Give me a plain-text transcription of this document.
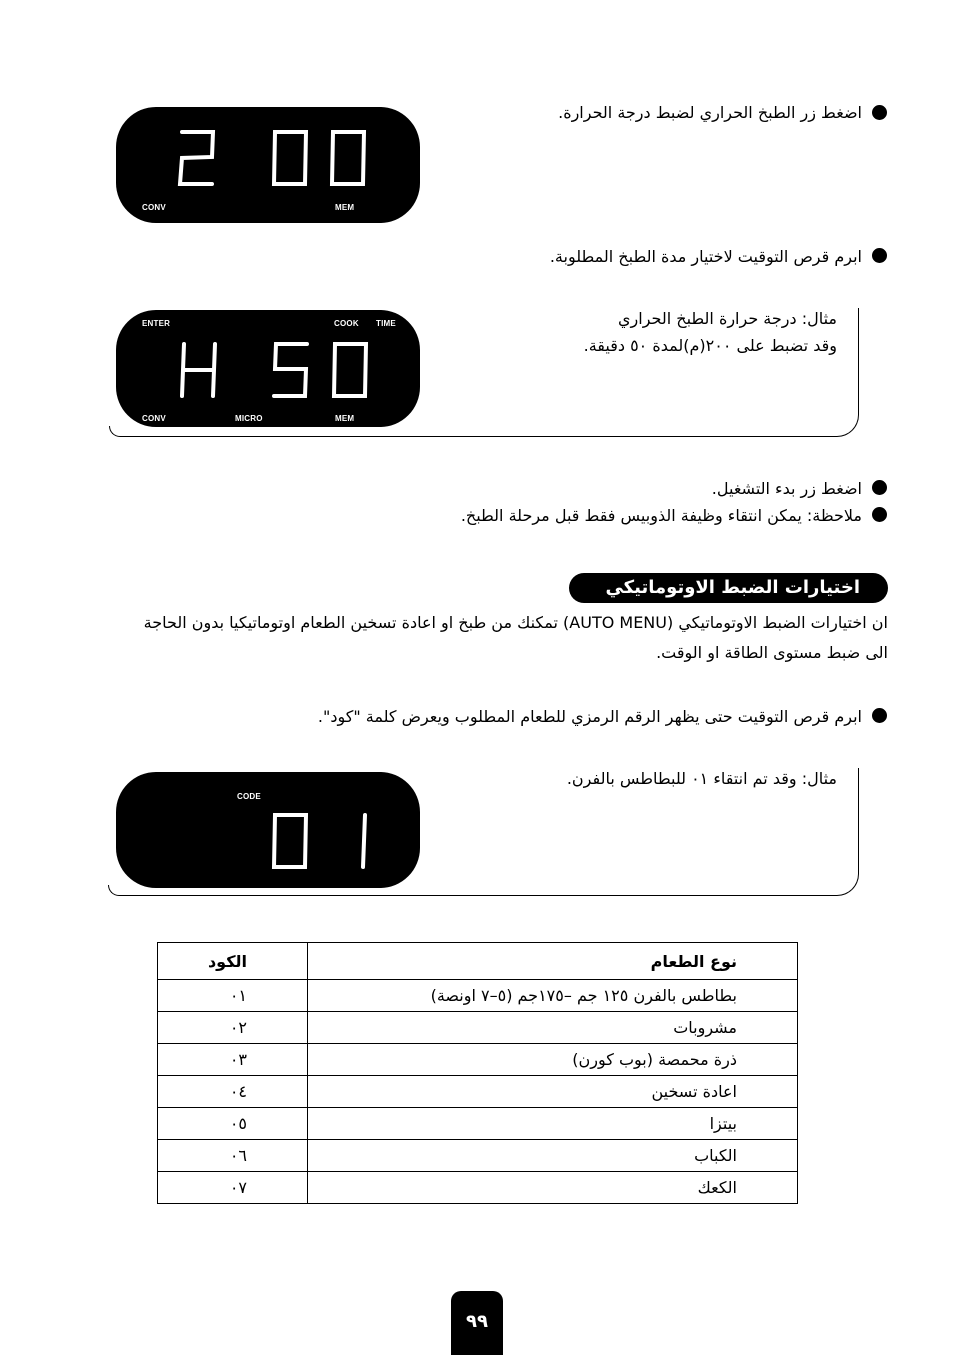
اضغط زر الطبخ الحراري لضبط درجة الحرارة.
CONV	MEM
ابرم قرص التوقيت لاختيار مدة الطبخ المطلوبة.
مثال: درجة حرارة الطبخ الحراري
وقد تضبط على ٢٠٠(م)لمدة ٥٠ دقيقة.
ENTER	COOK TIME
CONV	MICRO	MEM
اضغط زر بدء التشغيل.
ملاحظة: يمكن انتقاء وظيفة الذوبيس فقط قبل مرحلة الطبخ.
اختيارات الضبط الاوتوماتيكي
ان اختيارات الضبط الاوتوماتيكي (AUTO MENU) تمكنك من طبخ او اعادة تسخين الطعام اوتوماتيكيا بدون الحاجة
الى ضبط مستوى الطاقة او الوقت.
ابرم قرص التوقيت حتى يظهر الرقم الرمزي للطعام المطلوب ويعرض كلمة "كود".
مثال: وقد تم انتقاء ٠١ للبطاطس بالفرن.
CODE
نوع الطعام	الكود
بطاطس بالفرن ١٢٥ جم –١٧٥جم (٥–٧ اونصة)	٠١
مشروبات	٠٢
ذرة محمصة (بوب كورن)	٠٣
اعادة تسخين	٠٤
بيتزا	٠٥
الكباب	٠٦
الكعك	٠٧
٩٩
